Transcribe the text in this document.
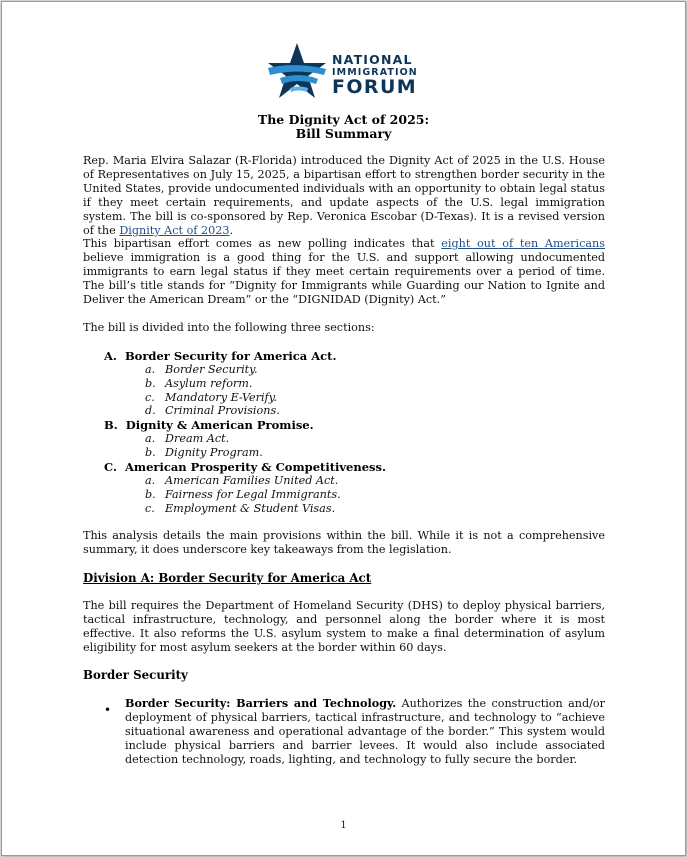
NATIONAL
IMMIGRATION
FORUM
The Dignity Act of 2025:
Bill Summary

Rep. Maria Elvira Salazar (R-Florida) introduced the Dignity Act of 2025 in the U.S. House of Representatives on July 15, 2025, a bipartisan effort to strengthen border security in the United States, provide undocumented individuals with an opportunity to obtain legal status if they meet certain requirements, and update aspects of the U.S. legal immigration system. The bill is co-sponsored by Rep. Veronica Escobar (D-Texas). It is a revised version of the Dignity Act of 2023.

This bipartisan effort comes as new polling indicates that eight out of ten Americans believe immigration is a good thing for the U.S. and support allowing undocumented immigrants to earn legal status if they meet certain requirements over a period of time. The bill’s title stands for “Dignity for Immigrants while Guarding our Nation to Ignite and Deliver the American Dream” or the “DIGNIDAD (Dignity) Act.”

The bill is divided into the following three sections:

A. Border Security for America Act.
a. Border Security.
b. Asylum reform.
c. Mandatory E-Verify.
d. Criminal Provisions.
B. Dignity & American Promise.
a. Dream Act.
b. Dignity Program.
C. American Prosperity & Competitiveness.
a. American Families United Act.
b. Fairness for Legal Immigrants.
c. Employment & Student Visas.

This analysis details the main provisions within the bill. While it is not a comprehensive summary, it does underscore key takeaways from the legislation.

Division A: Border Security for America Act

The bill requires the Department of Homeland Security (DHS) to deploy physical barriers, tactical infrastructure, technology, and personnel along the border where it is most effective. It also reforms the U.S. asylum system to make a final determination of asylum eligibility for most asylum seekers at the border within 60 days.

Border Security
• Border Security: Barriers and Technology. Authorizes the construction and/or deployment of physical barriers, tactical infrastructure, and technology to “achieve situational awareness and operational advantage of the border.” This system would include physical barriers and barrier levees. It would also include associated detection technology, roads, lighting, and technology to fully secure the border.

1
